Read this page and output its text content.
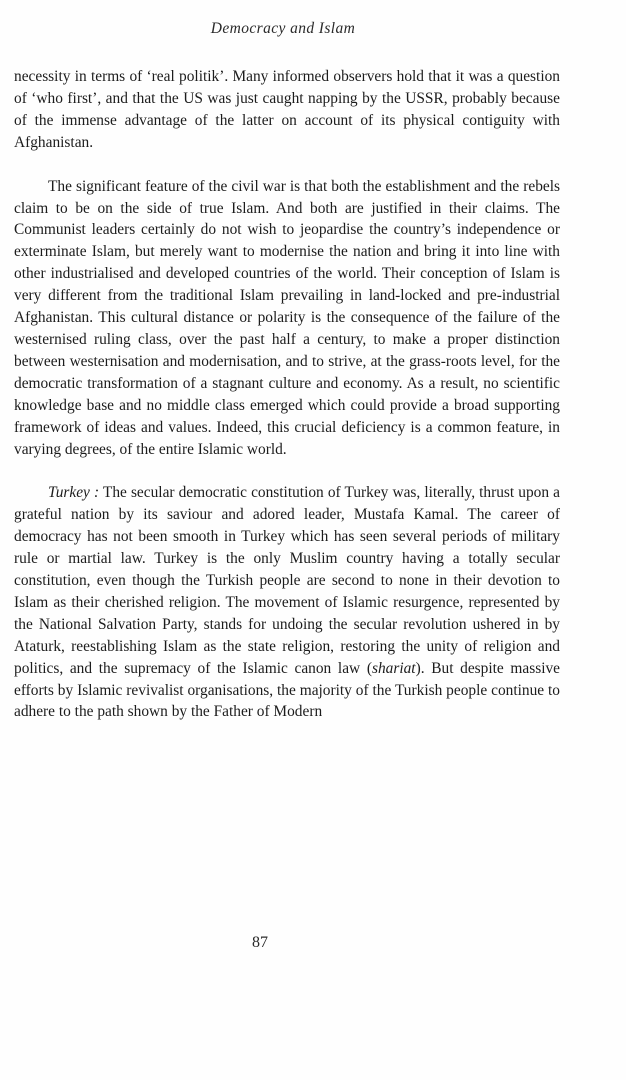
Democracy and Islam

necessity in terms of ‘real politik’. Many informed observers hold that it was a question of ‘who first’, and that the US was just caught napping by the USSR, probably because of the immense advantage of the latter on account of its physical contiguity with Afghanistan.

The significant feature of the civil war is that both the establishment and the rebels claim to be on the side of true Islam. And both are justified in their claims. The Communist leaders certainly do not wish to jeopardise the country’s independence or exterminate Islam, but merely want to modernise the nation and bring it into line with other industrialised and developed countries of the world. Their conception of Islam is very different from the traditional Islam prevailing in land-locked and pre-industrial Afghanistan. This cultural distance or polarity is the consequence of the failure of the westernised ruling class, over the past half a century, to make a proper distinction between westernisation and modernisation, and to strive, at the grass-roots level, for the democratic transformation of a stagnant culture and economy. As a result, no scientific knowledge base and no middle class emerged which could provide a broad supporting framework of ideas and values. Indeed, this crucial deficiency is a common feature, in varying degrees, of the entire Islamic world.

Turkey : The secular democratic constitution of Turkey was, literally, thrust upon a grateful nation by its saviour and adored leader, Mustafa Kamal. The career of democracy has not been smooth in Turkey which has seen several periods of military rule or martial law. Turkey is the only Muslim country having a totally secular constitution, even though the Turkish people are second to none in their devotion to Islam as their cherished religion. The movement of Islamic resurgence, represented by the National Salvation Party, stands for undoing the secular revolution ushered in by Ataturk, reestablishing Islam as the state religion, restoring the unity of religion and politics, and the supremacy of the Islamic canon law (shariat). But despite massive efforts by Islamic revivalist organisations, the majority of the Turkish people continue to adhere to the path shown by the Father of Modern

87
